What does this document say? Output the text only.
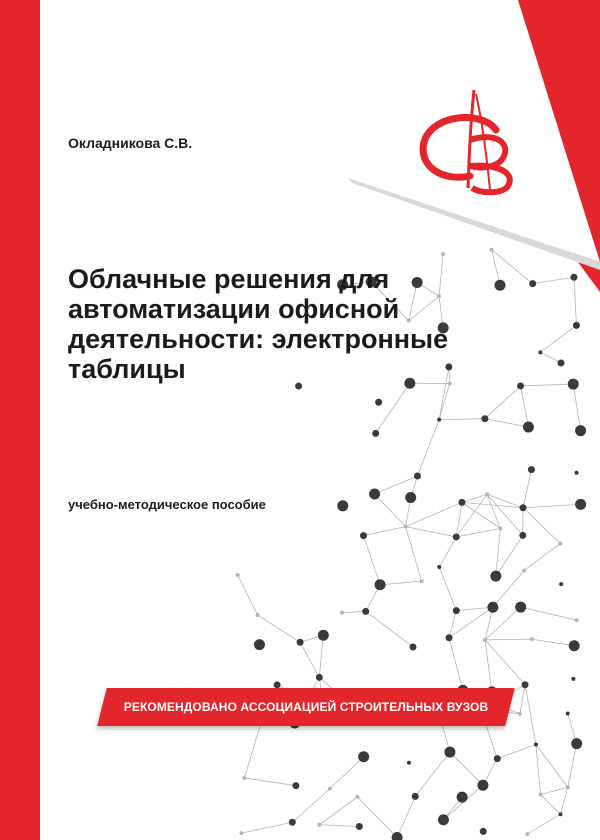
Окладникова С.В.
Облачные решения для автоматизации офисной деятельности: электронные таблицы
учебно-методическое пособие
РЕКОМЕНДОВАНО АССОЦИАЦИЕЙ СТРОИТЕЛЬНЫХ ВУЗОВ
